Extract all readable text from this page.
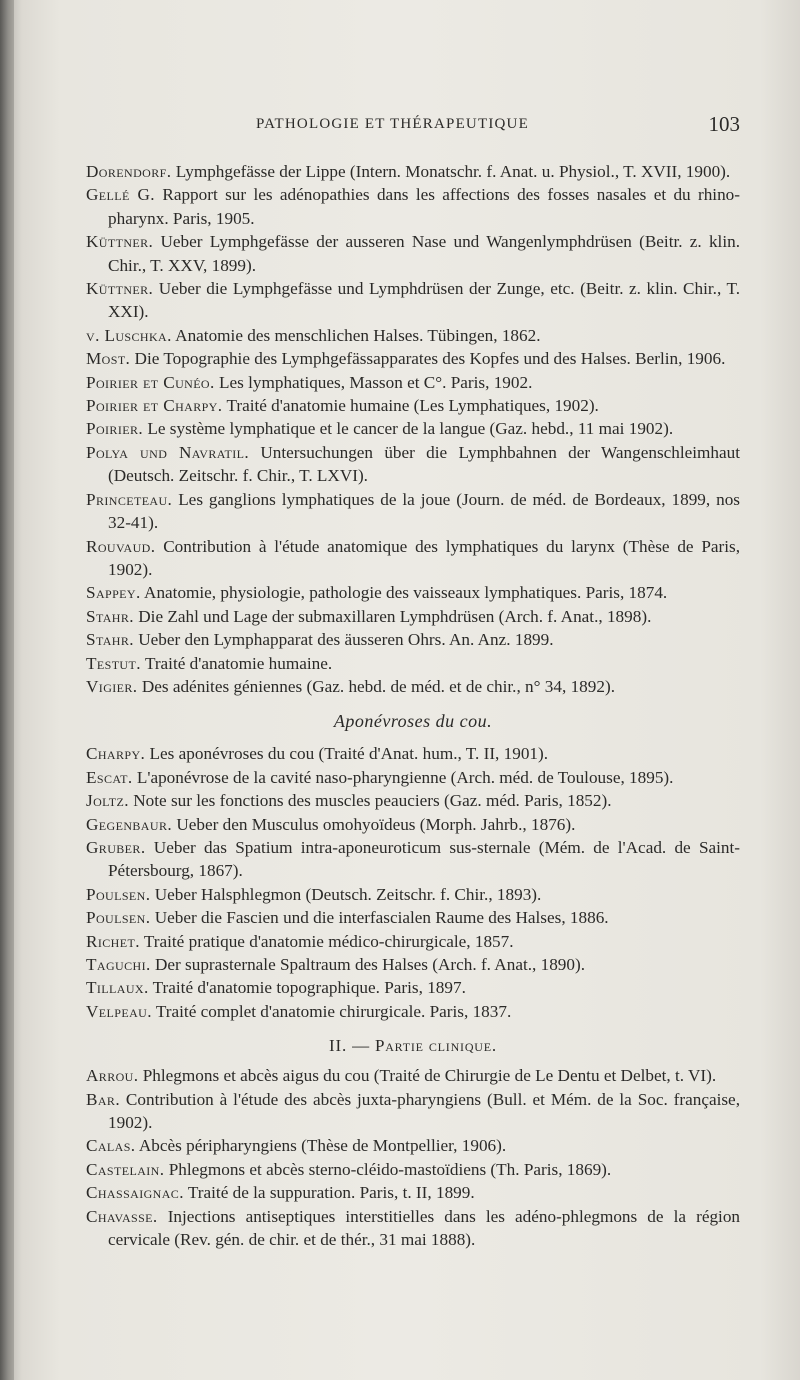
PATHOLOGIE ET THÉRAPEUTIQUE	103

Dorendorf. Lymphgefässe der Lippe (Intern. Monatschr. f. Anat. u. Physiol., T. XVII, 1900).

Gellé G. Rapport sur les adénopathies dans les affections des fosses nasales et du rhino-pharynx. Paris, 1905.

Küttner. Ueber Lymphgefässe der ausseren Nase und Wangenlymphdrüsen (Beitr. z. klin. Chir., T. XXV, 1899).

Küttner. Ueber die Lymphgefässe und Lymphdrüsen der Zunge, etc. (Beitr. z. klin. Chir., T. XXI).

v. Luschka. Anatomie des menschlichen Halses. Tübingen, 1862.

Most. Die Topographie des Lymphgefässapparates des Kopfes und des Halses. Berlin, 1906.

Poirier et Cunéo. Les lymphatiques, Masson et C°. Paris, 1902.

Poirier et Charpy. Traité d'anatomie humaine (Les Lymphatiques, 1902).

Poirier. Le système lymphatique et le cancer de la langue (Gaz. hebd., 11 mai 1902).

Polya und Navratil. Untersuchungen über die Lymphbahnen der Wangenschleimhaut (Deutsch. Zeitschr. f. Chir., T. LXVI).

Princeteau. Les ganglions lymphatiques de la joue (Journ. de méd. de Bordeaux, 1899, nos 32-41).

Rouvaud. Contribution à l'étude anatomique des lymphatiques du larynx (Thèse de Paris, 1902).

Sappey. Anatomie, physiologie, pathologie des vaisseaux lymphatiques. Paris, 1874.

Stahr. Die Zahl und Lage der submaxillaren Lymphdrüsen (Arch. f. Anat., 1898).

Stahr. Ueber den Lymphapparat des äusseren Ohrs. An. Anz. 1899.

Testut. Traité d'anatomie humaine.

Vigier. Des adénites géniennes (Gaz. hebd. de méd. et de chir., n° 34, 1892).

Aponévroses du cou.

Charpy. Les aponévroses du cou (Traité d'Anat. hum., T. II, 1901).

Escat. L'aponévrose de la cavité naso-pharyngienne (Arch. méd. de Toulouse, 1895).

Joltz. Note sur les fonctions des muscles peauciers (Gaz. méd. Paris, 1852).

Gegenbaur. Ueber den Musculus omohyoïdeus (Morph. Jahrb., 1876).

Gruber. Ueber das Spatium intra-aponeuroticum sus-sternale (Mém. de l'Acad. de Saint-Pétersbourg, 1867).

Poulsen. Ueber Halsphlegmon (Deutsch. Zeitschr. f. Chir., 1893).

Poulsen. Ueber die Fascien und die interfascialen Raume des Halses, 1886.

Richet. Traité pratique d'anatomie médico-chirurgicale, 1857.

Taguchi. Der suprasternale Spaltraum des Halses (Arch. f. Anat., 1890).

Tillaux. Traité d'anatomie topographique. Paris, 1897.

Velpeau. Traité complet d'anatomie chirurgicale. Paris, 1837.

II. — Partie clinique.

Arrou. Phlegmons et abcès aigus du cou (Traité de Chirurgie de Le Dentu et Delbet, t. VI).

Bar. Contribution à l'étude des abcès juxta-pharyngiens (Bull. et Mém. de la Soc. française, 1902).

Calas. Abcès péripharyngiens (Thèse de Montpellier, 1906).

Castelain. Phlegmons et abcès sterno-cléido-mastoïdiens (Th. Paris, 1869).

Chassaignac. Traité de la suppuration. Paris, t. II, 1899.

Chavasse. Injections antiseptiques interstitielles dans les adéno-phlegmons de la région cervicale (Rev. gén. de chir. et de thér., 31 mai 1888).
